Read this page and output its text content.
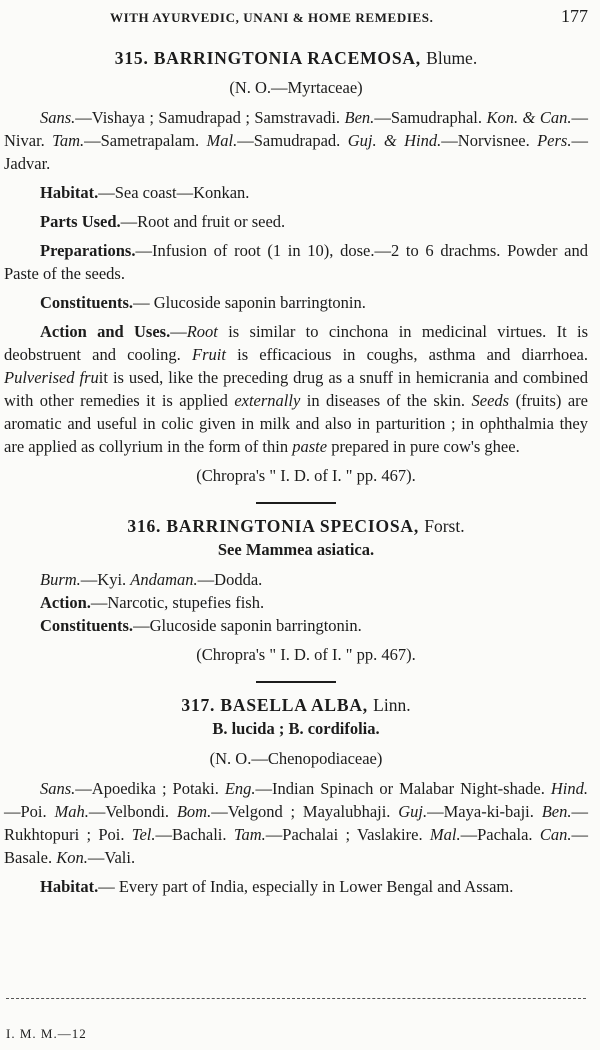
WITH AYURVEDIC, UNANI & HOME REMEDIES.	177
315. BARRINGTONIA RACEMOSA, Blume.
(N. O.—Myrtaceae)

Sans.—Vishaya ; Samudrapad ; Samstravadi. Ben.—Samudraphal. Kon. & Can.—Nivar. Tam.—Sametrapalam. Mal.—Samudrapad. Guj. & Hind.—Norvisnee. Pers.—Jadvar.

Habitat.—Sea coast—Konkan.

Parts Used.—Root and fruit or seed.

Preparations.—Infusion of root (1 in 10), dose.—2 to 6 drachms. Powder and Paste of the seeds.

Constituents.— Glucoside saponin barringtonin.

Action and Uses.—Root is similar to cinchona in medicinal virtues. It is deobstruent and cooling. Fruit is efficacious in coughs, asthma and diarrhoea. Pulverised fruit is used, like the preceding drug as a snuff in hemicrania and combined with other remedies it is applied externally in diseases of the skin. Seeds (fruits) are aromatic and useful in colic given in milk and also in parturition ; in ophthalmia they are applied as collyrium in the form of thin paste prepared in pure cow's ghee.

(Chropra's " I. D. of I. " pp. 467).
316. BARRINGTONIA SPECIOSA, Forst.
See Mammea asiatica.

Burm.—Kyi. Andaman.—Dodda.

Action.—Narcotic, stupefies fish.

Constituents.—Glucoside saponin barringtonin.

(Chropra's " I. D. of I. " pp. 467).
317. BASELLA ALBA, Linn.
B. lucida ; B. cordifolia.
(N. O.—Chenopodiaceae)

Sans.—Apoedika ; Potaki. Eng.—Indian Spinach or Malabar Night-shade. Hind.—Poi. Mah.—Velbondi. Bom.—Velgond ; Mayalubhaji. Guj.—Maya-ki-baji. Ben.—Rukhtopuri ; Poi. Tel.—Bachali. Tam.—Pachalai ; Vaslakire. Mal.—Pachala. Can.—Basale. Kon.—Vali.

Habitat.— Every part of India, especially in Lower Bengal and Assam.

I. M. M.—12
